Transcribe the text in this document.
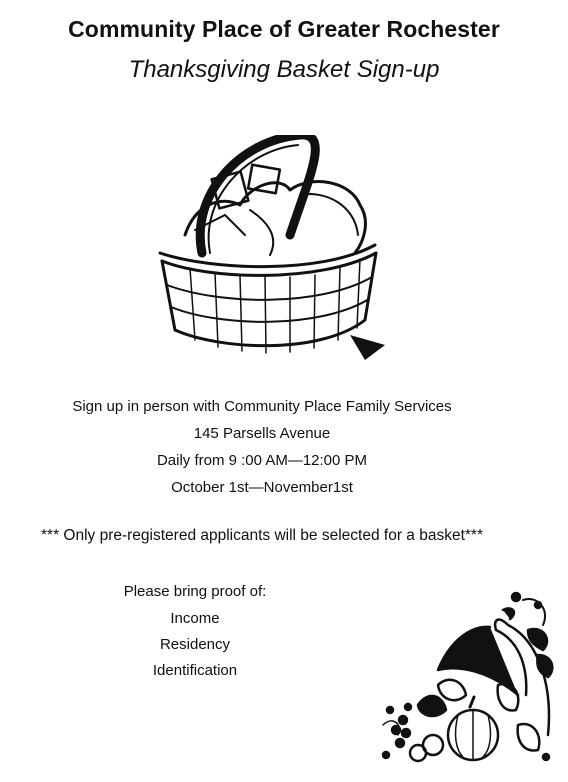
Community Place of Greater Rochester
Thanksgiving Basket Sign-up
Sign up in person with Community Place Family Services
145 Parsells Avenue
Daily from 9 :00 AM—12:00 PM
October 1st—November1st
*** Only pre-registered applicants will be selected for a basket***
Please bring proof of:
Income
Residency
Identification
